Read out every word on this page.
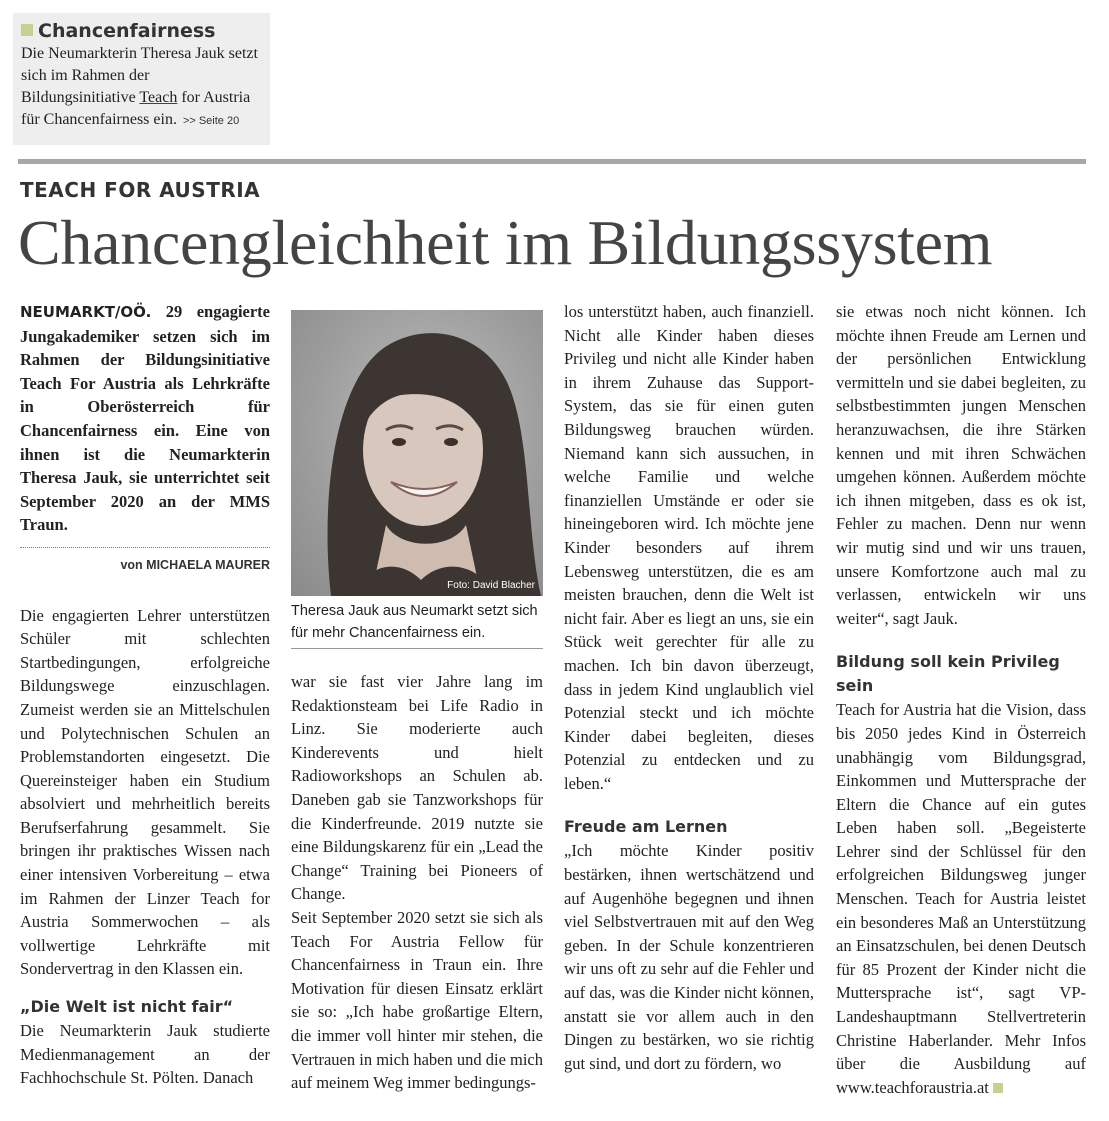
Chancenfairness
Die Neumarkterin Theresa Jauk setzt sich im Rahmen der Bildungsinitiative Teach for Austria für Chancenfairness ein. >> Seite 20
TEACH FOR AUSTRIA
Chancengleichheit im Bildungssystem

NEUMARKT/OÖ. 29 engagierte Jungakademiker setzen sich im Rahmen der Bildungsinitiative Teach For Austria als Lehrkräfte in Oberösterreich für Chancenfairness ein. Eine von ihnen ist die Neumarkterin Theresa Jauk, sie unterrichtet seit September 2020 an der MMS Traun.

von MICHAELA MAURER

Die engagierten Lehrer unterstützen Schüler mit schlechten Startbedingungen, erfolgreiche Bildungswege einzuschlagen. Zumeist werden sie an Mittelschulen und Polytechnischen Schulen an Problemstandorten eingesetzt. Die Quereinsteiger haben ein Studium absolviert und mehrheitlich bereits Berufserfahrung gesammelt. Sie bringen ihr praktisches Wissen nach einer intensiven Vorbereitung – etwa im Rahmen der Linzer Teach for Austria Sommerwochen – als vollwertige Lehrkräfte mit Sondervertrag in den Klassen ein.

„Die Welt ist nicht fair“

Die Neumarkterin Jauk studierte Medienmanagement an der Fachhochschule St. Pölten. Danach

Foto: David Blacher
Theresa Jauk aus Neumarkt setzt sich für mehr Chancenfairness ein.

war sie fast vier Jahre lang im Redaktionsteam bei Life Radio in Linz. Sie moderierte auch Kinderevents und hielt Radioworkshops an Schulen ab. Daneben gab sie Tanzworkshops für die Kinderfreunde. 2019 nutzte sie eine Bildungskarenz für ein „Lead the Change“ Training bei Pioneers of Change.

Seit September 2020 setzt sie sich als Teach For Austria Fellow für Chancenfairness in Traun ein. Ihre Motivation für diesen Einsatz erklärt sie so: „Ich habe großartige Eltern, die immer voll hinter mir stehen, die Vertrauen in mich haben und die mich auf meinem Weg immer bedingungs-

los unterstützt haben, auch finanziell. Nicht alle Kinder haben dieses Privileg und nicht alle Kinder haben in ihrem Zuhause das Support-System, das sie für einen guten Bildungsweg brauchen würden. Niemand kann sich aussuchen, in welche Familie und welche finanziellen Umstände er oder sie hineingeboren wird. Ich möchte jene Kinder besonders auf ihrem Lebensweg unterstützen, die es am meisten brauchen, denn die Welt ist nicht fair. Aber es liegt an uns, sie ein Stück weit gerechter für alle zu machen. Ich bin davon überzeugt, dass in jedem Kind unglaublich viel Potenzial steckt und ich möchte Kinder dabei begleiten, dieses Potenzial zu entdecken und zu leben.“

Freude am Lernen

„Ich möchte Kinder positiv bestärken, ihnen wertschätzend und auf Augenhöhe begegnen und ihnen viel Selbstvertrauen mit auf den Weg geben. In der Schule konzentrieren wir uns oft zu sehr auf die Fehler und auf das, was die Kinder nicht können, anstatt sie vor allem auch in den Dingen zu bestärken, wo sie richtig gut sind, und dort zu fördern, wo

sie etwas noch nicht können. Ich möchte ihnen Freude am Lernen und der persönlichen Entwicklung vermitteln und sie dabei begleiten, zu selbstbestimmten jungen Menschen heranzuwachsen, die ihre Stärken kennen und mit ihren Schwächen umgehen können. Außerdem möchte ich ihnen mitgeben, dass es ok ist, Fehler zu machen. Denn nur wenn wir mutig sind und wir uns trauen, unsere Komfortzone auch mal zu verlassen, entwickeln wir uns weiter“, sagt Jauk.

Bildung soll kein Privileg sein

Teach for Austria hat die Vision, dass bis 2050 jedes Kind in Österreich unabhängig vom Bildungsgrad, Einkommen und Muttersprache der Eltern die Chance auf ein gutes Leben haben soll. „Begeisterte Lehrer sind der Schlüssel für den erfolgreichen Bildungsweg junger Menschen. Teach for Austria leistet ein besonderes Maß an Unterstützung an Einsatzschulen, bei denen Deutsch für 85 Prozent der Kinder nicht die Muttersprache ist“, sagt VP-Landeshauptmann Stellvertreterin Christine Haberlander. Mehr Infos über die Ausbildung auf www.teachforaustria.at
